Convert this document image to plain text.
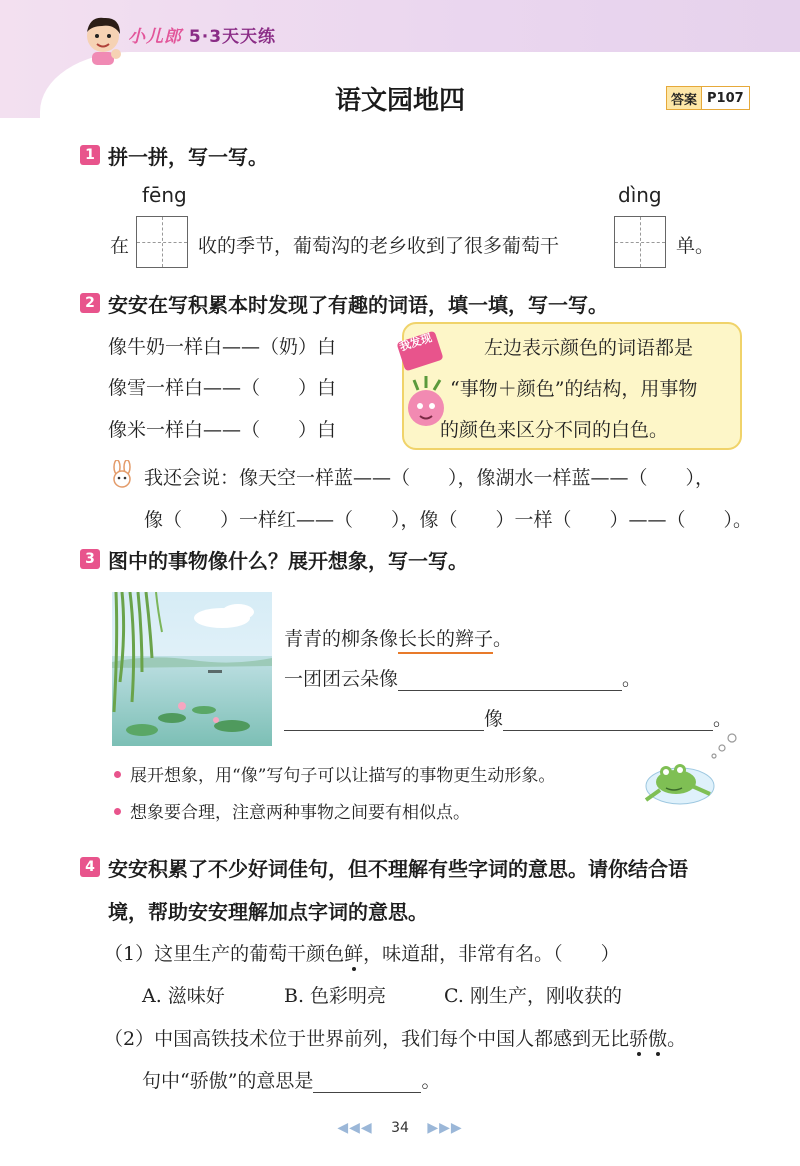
小儿郎 5·3天天练
语文园地四	答案 P107
1 拼一拼，写一写。
fēng	dìng
在	收的季节，葡萄沟的老乡收到了很多葡萄干	单。
2 安安在写积累本时发现了有趣的词语，填一填，写一写。
像牛奶一样白——（奶）白
像雪一样白——（　　）白
像米一样白——（　　）白
我发现	左边表示颜色的词语都是
“事物＋颜色”的结构，用事物
的颜色来区分不同的白色。
我还会说：像天空一样蓝——（　　），像湖水一样蓝——（　　），
像（　　）一样红——（　　），像（　　）一样（　　）——（　　）。
3 图中的事物像什么？展开想象，写一写。
青青的柳条像长长的辫子。
一团团云朵像	。
像	。
展开想象，用“像”写句子可以让描写的事物更生动形象。
想象要合理，注意两种事物之间要有相似点。
4 安安积累了不少好词佳句，但不理解有些字词的意思。请你结合语
境，帮助安安理解加点字词的意思。
（1）这里生产的葡萄干颜色鲜，味道甜，非常有名。（　　）
A. 滋味好	B. 色彩明亮	C. 刚生产，刚收获的
（2）中国高铁技术位于世界前列，我们每个中国人都感到无比骄傲。
句中“骄傲”的意思是	。
◀◀◀ 34 ▶▶▶
